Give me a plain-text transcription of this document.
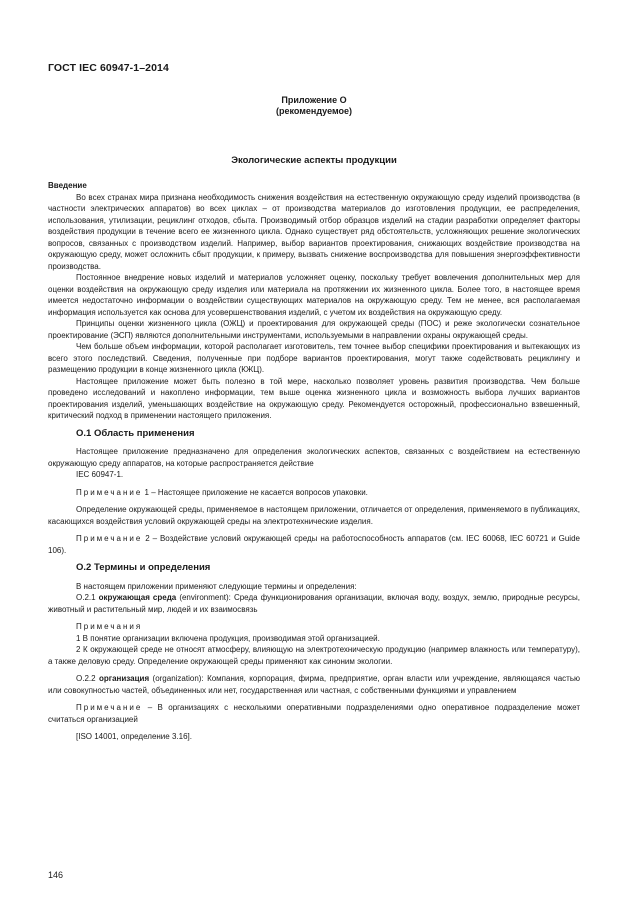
ГОСТ IEC 60947-1–2014
Приложение О
(рекомендуемое)
Экологические аспекты продукции

Введение

Во всех странах мира признана необходимость снижения воздействия на естественную окружающую среду изделий производства (в частности электрических аппаратов) во всех циклах – от производства материалов до изготовления продукции, ее распределения, использования, утилизации, рециклинг отходов, сбыта. Производимый отбор образцов изделий на стадии разработки определяет факторы воздействия продукции в течение всего ее жизненного цикла. Однако существует ряд обстоятельств, усложняющих решение экологических вопросов, связанных с производством изделий. Например, выбор вариантов проектирования, снижающих воздействие производства на окружающую среду, может осложнить сбыт продукции, к примеру, вызвать снижение воспроизводства для повышения энергоэффективности производства.

Постоянное внедрение новых изделий и материалов усложняет оценку, поскольку требует вовлечения дополнительных мер для оценки воздействия на окружающую среду изделия или материала на протяжении их жизненного цикла. Более того, в настоящее время имеется недостаточно информации о воздействии существующих материалов на окружающую среду. Тем не менее, вся располагаемая информация используется как основа для усовершенствования изделий, с учетом их воздействия на окружающую среду.

Принципы оценки жизненного цикла (ОЖЦ) и проектирования для окружающей среды (ПОС) и реже экологически сознательное проектирование (ЭСП) являются дополнительными инструментами, используемыми в направлении охраны окружающей среды.

Чем больше объем информации, которой располагает изготовитель, тем точнее выбор специфики проектирования и вытекающих из всего этого последствий. Сведения, полученные при подборе вариантов проектирования, могут также содействовать рециклингу и размещению продукции в конце жизненного цикла (КЖЦ).

Настоящее приложение может быть полезно в той мере, насколько позволяет уровень развития производства. Чем больше проведено исследований и накоплено информации, тем выше оценка жизненного цикла и возможность выбора лучших вариантов проектирования изделий, уменьшающих воздействие на окружающую среду. Рекомендуется осторожный, профессионально взвешенный, критический подход в применении настоящего приложения.

О.1 Область применения

Настоящее приложение предназначено для определения экологических аспектов, связанных с воздействием на естественную окружающую среду аппаратов, на которые распространяется действие

IEC 60947-1.

Примечание 1 – Настоящее приложение не касается вопросов упаковки.

Определение окружающей среды, применяемое в настоящем приложении, отличается от определения, применяемого в публикациях, касающихся воздействия условий окружающей среды на электротехнические изделия.

Примечание 2 – Воздействие условий окружающей среды на работоспособность аппаратов (см. IEC 60068, IEC 60721 и Guide 106).

О.2 Термины и определения

В настоящем приложении применяют следующие термины и определения:

О.2.1 окружающая среда (environment): Среда функционирования организации, включая воду, воздух, землю, природные ресурсы, животный и растительный мир, людей и их взаимосвязь

Примечания

1 В понятие организации включена продукция, производимая этой организацией.

2 К окружающей среде не относят атмосферу, влияющую на электротехническую продукцию (например влажность или температуру), а также деловую среду. Определение окружающей среды применяют как синоним экологии.

О.2.2 организация (organization): Компания, корпорация, фирма, предприятие, орган власти или учреждение, являющаяся частью или совокупностью частей, объединенных или нет, государственная или частная, с собственными функциями и управлением

Примечание – В организациях с несколькими оперативными подразделениями одно оперативное подразделение может считаться организацией

[ISO 14001, определение 3.16].

146
